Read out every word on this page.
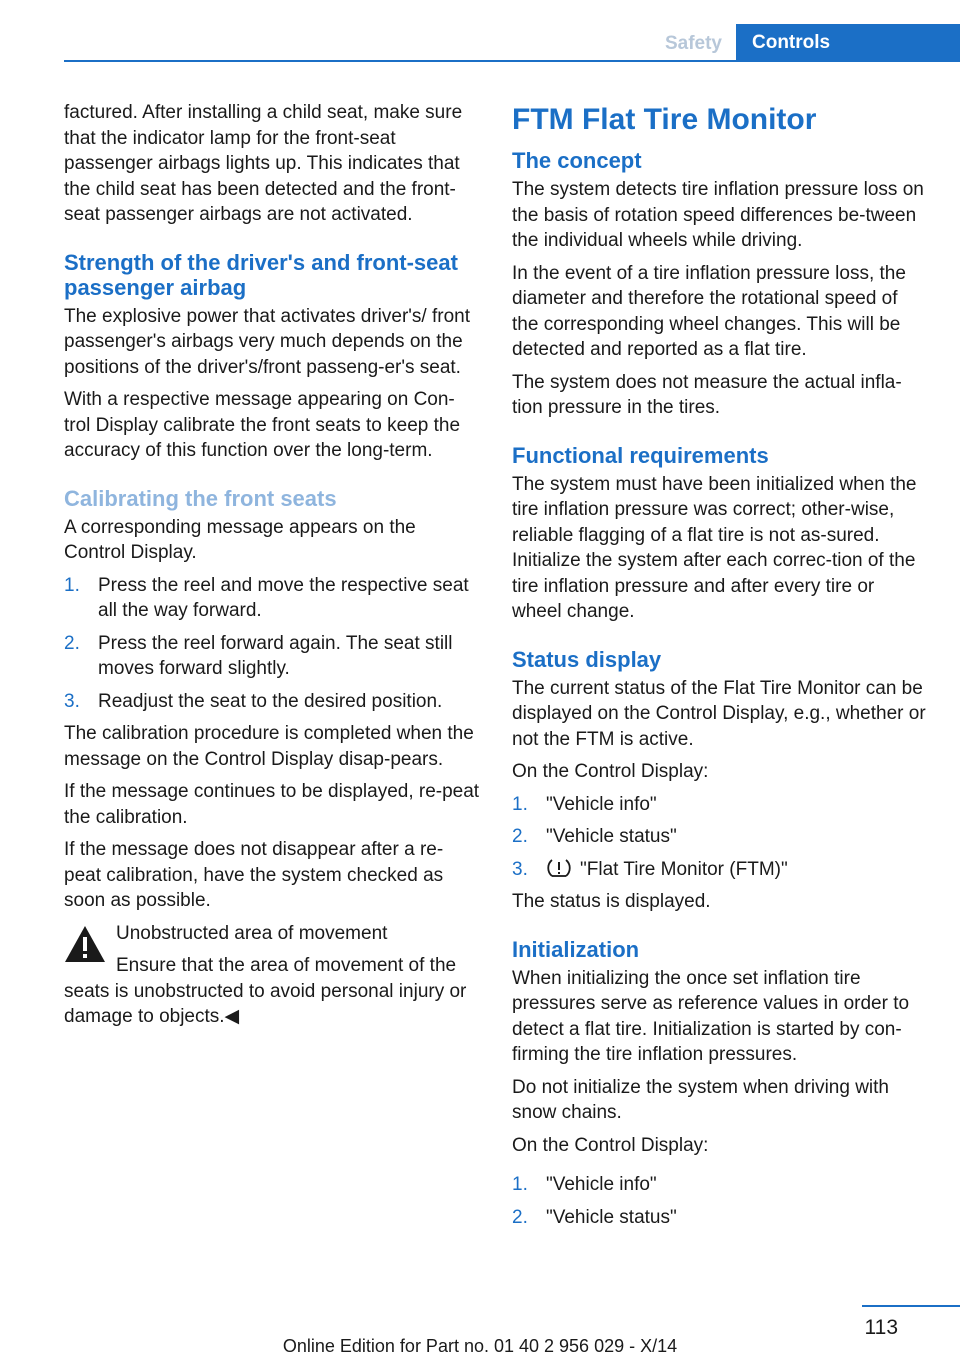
Safety	Controls

factured. After installing a child seat, make sure that the indicator lamp for the front-seat passenger airbags lights up. This indicates that the child seat has been detected and the front-seat passenger airbags are not activated.

Strength of the driver's and front-seat passenger airbag

The explosive power that activates driver's/ front passenger's airbags very much depends on the positions of the driver's/front passeng-er's seat.

With a respective message appearing on Con-trol Display calibrate the front seats to keep the accuracy of this function over the long-term.

Calibrating the front seats

A corresponding message appears on the Control Display.

1. Press the reel and move the respective seat all the way forward.
2. Press the reel forward again. The seat still moves forward slightly.
3. Readjust the seat to the desired position.

The calibration procedure is completed when the message on the Control Display disap-pears.

If the message continues to be displayed, re-peat the calibration.

If the message does not disappear after a re-peat calibration, have the system checked as soon as possible.

Unobstructed area of movement

Ensure that the area of movement of the seats is unobstructed to avoid personal injury or damage to objects.◀

FTM Flat Tire Monitor
The concept

The system detects tire inflation pressure loss on the basis of rotation speed differences be-tween the individual wheels while driving.

In the event of a tire inflation pressure loss, the diameter and therefore the rotational speed of the corresponding wheel changes. This will be detected and reported as a flat tire.

The system does not measure the actual infla-tion pressure in the tires.

Functional requirements

The system must have been initialized when the tire inflation pressure was correct; other-wise, reliable flagging of a flat tire is not as-sured. Initialize the system after each correc-tion of the tire inflation pressure and after every tire or wheel change.

Status display

The current status of the Flat Tire Monitor can be displayed on the Control Display, e.g., whether or not the FTM is active.

On the Control Display:

1. "Vehicle info"
2. "Vehicle status"
3.	"Flat Tire Monitor (FTM)"

The status is displayed.

Initialization

When initializing the once set inflation tire pressures serve as reference values in order to detect a flat tire. Initialization is started by con-firming the tire inflation pressures.

Do not initialize the system when driving with snow chains.

On the Control Display:

1. "Vehicle info"
2. "Vehicle status"
113
Online Edition for Part no. 01 40 2 956 029 - X/14
